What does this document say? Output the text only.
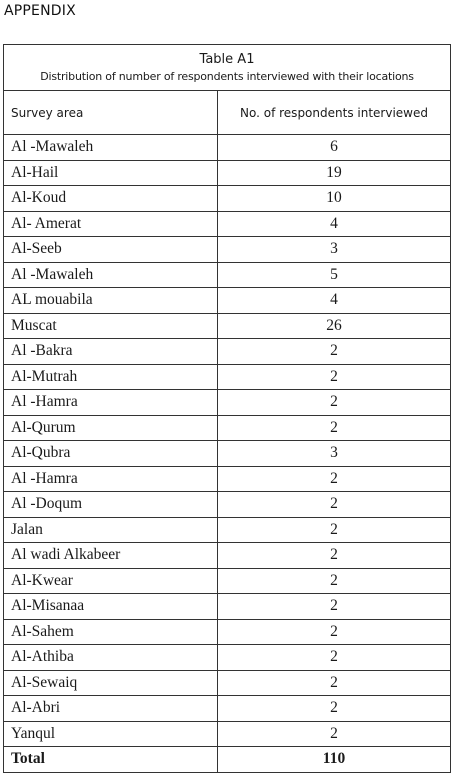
APPENDIX
Table A1
Distribution of number of respondents interviewed with their locations	

Survey area	No. of respondents interviewed
Al -Mawaleh	6
Al-Hail	19
Al-Koud	10
Al- Amerat	4
Al-Seeb	3
Al -Mawaleh	5
AL mouabila	4
Muscat	26
Al -Bakra	2
Al-Mutrah	2
Al -Hamra	2
Al-Qurum	2
Al-Qubra	3
Al -Hamra	2
Al -Doqum	2
Jalan	2
Al wadi Alkabeer	2
Al-Kwear	2
Al-Misanaa	2
Al-Sahem	2
Al-Athiba	2
Al-Sewaiq	2
Al-Abri	2
Yanqul	2
Total	110
